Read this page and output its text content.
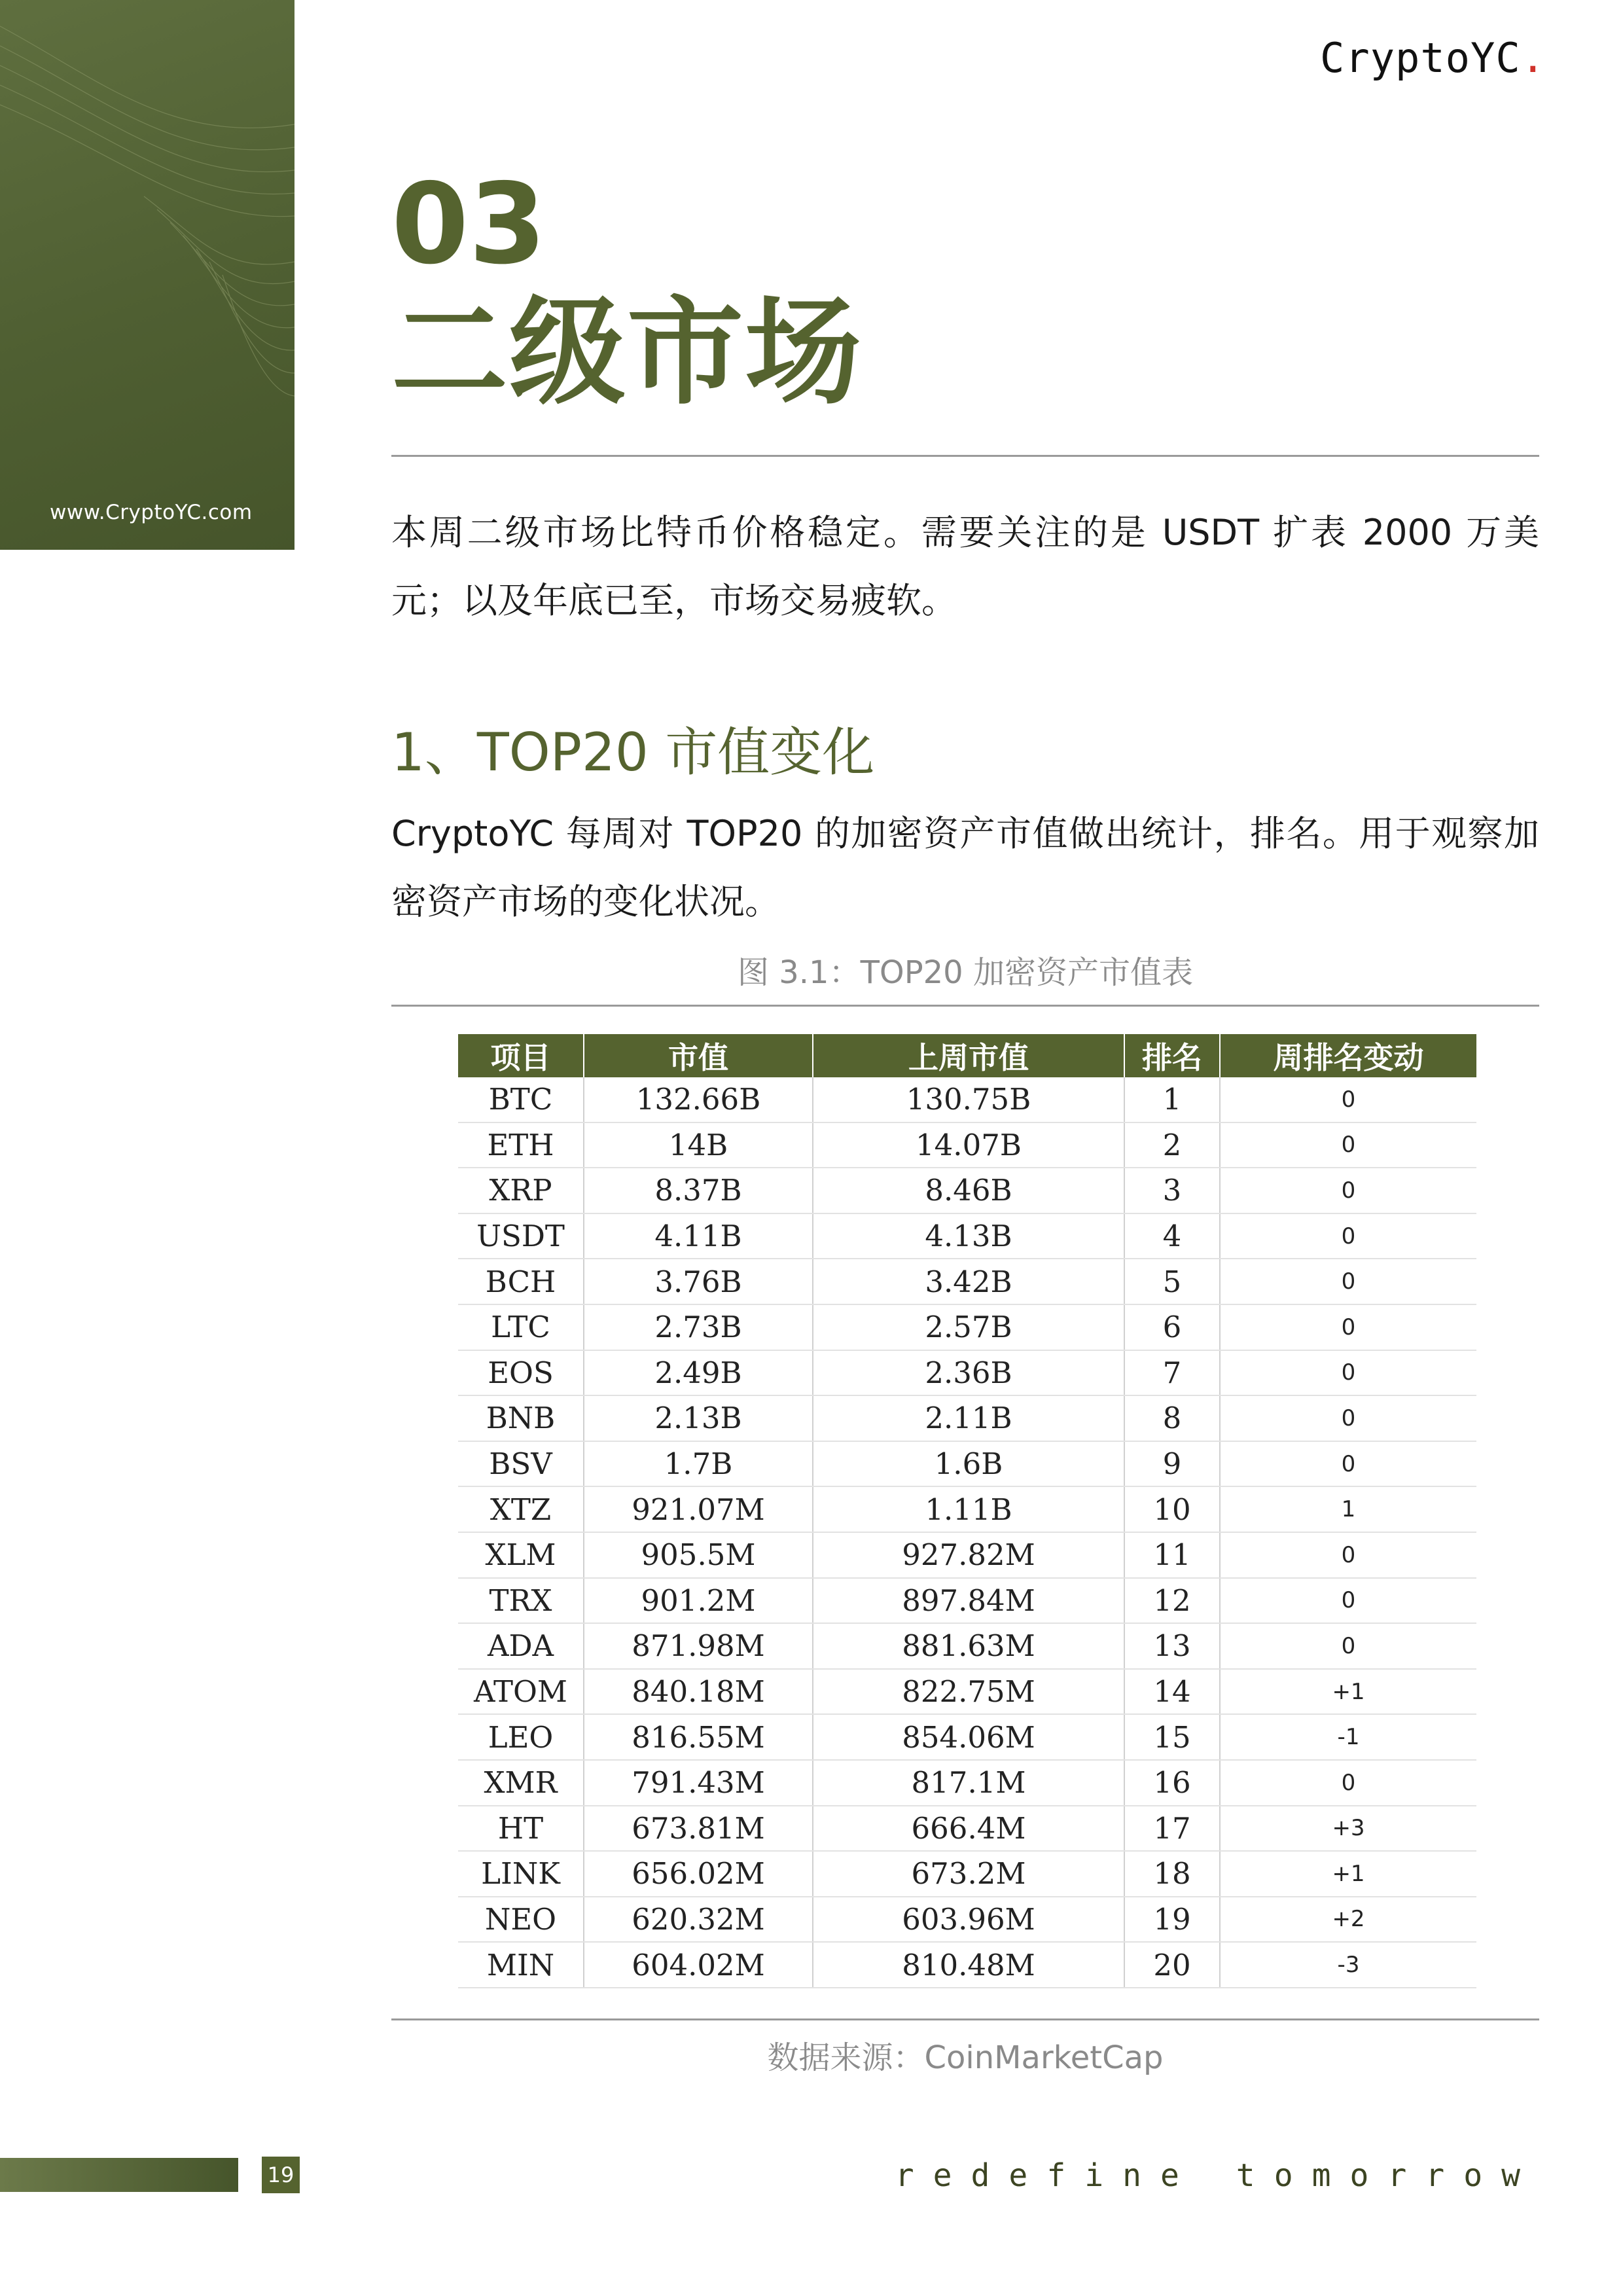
www.CryptoYC.com
CryptoYC.
03
二级市场
本周二级市场比特币价格稳定。需要关注的是 USDT 扩表 2000 万美元；以及年底已至，市场交易疲软。
1、TOP20 市值变化
CryptoYC 每周对 TOP20 的加密资产市值做出统计，排名。用于观察加密资产市场的变化状况。
图 3.1：TOP20 加密资产市值表
项目	市值	上周市值	排名	周排名变动
BTC	132.66B	130.75B	1	0
ETH	14B	14.07B	2	0
XRP	8.37B	8.46B	3	0
USDT	4.11B	4.13B	4	0
BCH	3.76B	3.42B	5	0
LTC	2.73B	2.57B	6	0
EOS	2.49B	2.36B	7	0
BNB	2.13B	2.11B	8	0
BSV	1.7B	1.6B	9	0
XTZ	921.07M	1.11B	10	1
XLM	905.5M	927.82M	11	0
TRX	901.2M	897.84M	12	0
ADA	871.98M	881.63M	13	0
ATOM	840.18M	822.75M	14	+1
LEO	816.55M	854.06M	15	-1
XMR	791.43M	817.1M	16	0
HT	673.81M	666.4M	17	+3
LINK	656.02M	673.2M	18	+1
NEO	620.32M	603.96M	19	+2
MIN	604.02M	810.48M	20	-3
数据来源：CoinMarketCap
19	redefine tomorrow
